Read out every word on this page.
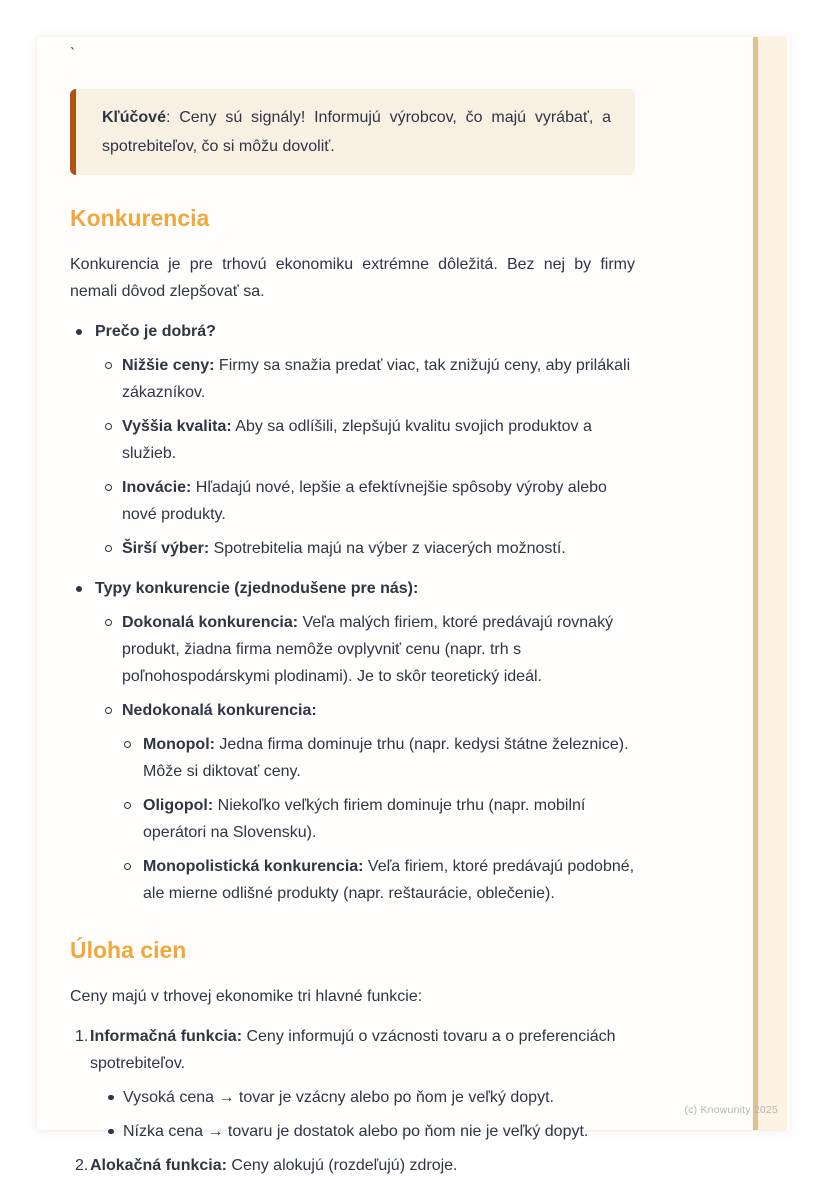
`
Kľúčové: Ceny sú signály! Informujú výrobcov, čo majú vyrábať, a spotrebiteľov, čo si môžu dovoliť.
Konkurencia

Konkurencia je pre trhovú ekonomiku extrémne dôležitá. Bez nej by firmy nemali dôvod zlepšovať sa.

Prečo je dobrá?
Nižšie ceny: Firmy sa snažia predať viac, tak znižujú ceny, aby prilákali zákazníkov.
Vyššia kvalita: Aby sa odlíšili, zlepšujú kvalitu svojich produktov a služieb.
Inovácie: Hľadajú nové, lepšie a efektívnejšie spôsoby výroby alebo nové produkty.
Širší výber: Spotrebitelia majú na výber z viacerých možností.
Typy konkurencie (zjednodušene pre nás):
Dokonalá konkurencia: Veľa malých firiem, ktoré predávajú rovnaký produkt, žiadna firma nemôže ovplyvniť cenu (napr. trh s poľnohospodárskymi plodinami). Je to skôr teoretický ideál.
Nedokonalá konkurencia:
Monopol: Jedna firma dominuje trhu (napr. kedysi štátne železnice). Môže si diktovať ceny.
Oligopol: Niekoľko veľkých firiem dominuje trhu (napr. mobilní operátori na Slovensku).
Monopolistická konkurencia: Veľa firiem, ktoré predávajú podobné, ale mierne odlišné produkty (napr. reštaurácie, oblečenie).
Úloha cien

Ceny majú v trhovej ekonomike tri hlavné funkcie:

1. Informačná funkcia: Ceny informujú o vzácnosti tovaru a o preferenciách spotrebiteľov.
Vysoká cena → tovar je vzácny alebo po ňom je veľký dopyt.
Nízka cena → tovaru je dostatok alebo po ňom nie je veľký dopyt.
2. Alokačná funkcia: Ceny alokujú (rozdeľujú) zdroje.
(c) Knowunity 2025
